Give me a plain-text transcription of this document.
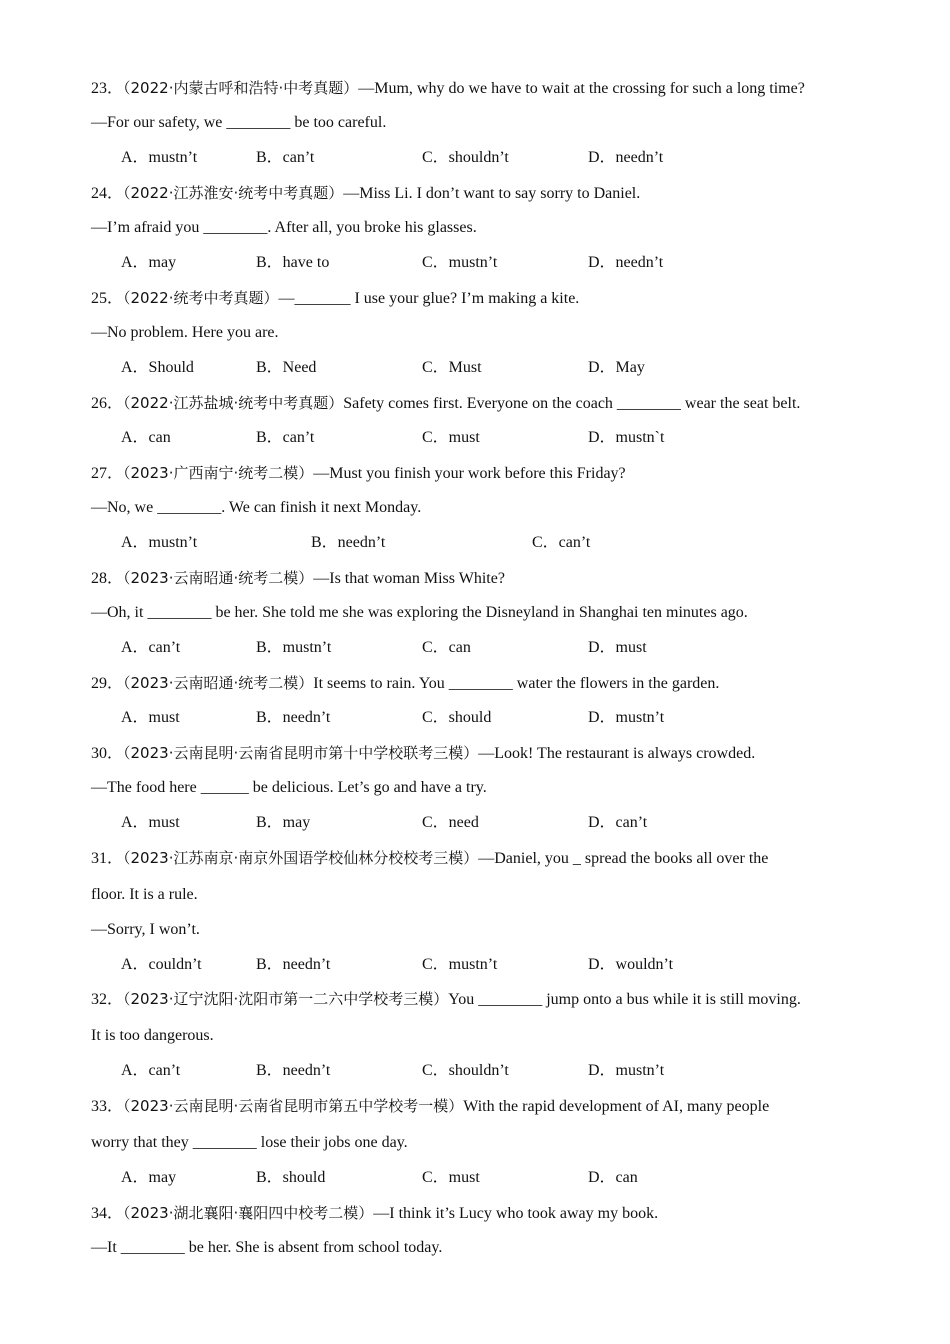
23．（2022·内蒙古呼和浩特·中考真题）—Mum, why do we have to wait at the crossing for such a long time?
—For our safety, we ________ be too careful.
A．mustn’t	B．can’t	C．shouldn’t	D．needn’t
24．（2022·江苏淮安·统考中考真题）—Miss Li. I don’t want to say sorry to Daniel.
—I’m afraid you ________. After all, you broke his glasses.
A．may	B．have to	C．mustn’t	D．needn’t
25．（2022·统考中考真题）—_______ I use your glue? I’m making a kite.
—No problem. Here you are.
A．Should	B．Need	C．Must	D．May
26．（2022·江苏盐城·统考中考真题）Safety comes first. Everyone on the coach ________ wear the seat belt.
A．can	B．can’t	C．must	D．mustn`t
27．（2023·广西南宁·统考二模）—Must you finish your work before this Friday?
—No, we ________. We can finish it next Monday.
A．mustn’t	B．needn’t	C．can’t
28．（2023·云南昭通·统考二模）—Is that woman Miss White?
—Oh, it ________ be her. She told me she was exploring the Disneyland in Shanghai ten minutes ago.
A．can’t	B．mustn’t	C．can	D．must
29．（2023·云南昭通·统考二模）It seems to rain. You ________ water the flowers in the garden.
A．must	B．needn’t	C．should	D．mustn’t
30．（2023·云南昆明·云南省昆明市第十中学校联考三模）—Look! The restaurant is always crowded.
—The food here ______ be delicious. Let’s go and have a try.
A．must	B．may	C．need	D．can’t
31．（2023·江苏南京·南京外国语学校仙林分校校考三模）—Daniel, you _ spread the books all over the
floor. It is a rule.
—Sorry, I won’t.
A．couldn’t	B．needn’t	C．mustn’t	D．wouldn’t
32．（2023·辽宁沈阳·沈阳市第一二六中学校考三模）You ________ jump onto a bus while it is still moving.
It is too dangerous.
A．can’t	B．needn’t	C．shouldn’t	D．mustn’t
33．（2023·云南昆明·云南省昆明市第五中学校考一模）With the rapid development of AI, many people
worry that they ________ lose their jobs one day.
A．may	B．should	C．must	D．can
34．（2023·湖北襄阳·襄阳四中校考二模）—I think it’s Lucy who took away my book.
—It ________ be her. She is absent from school today.
